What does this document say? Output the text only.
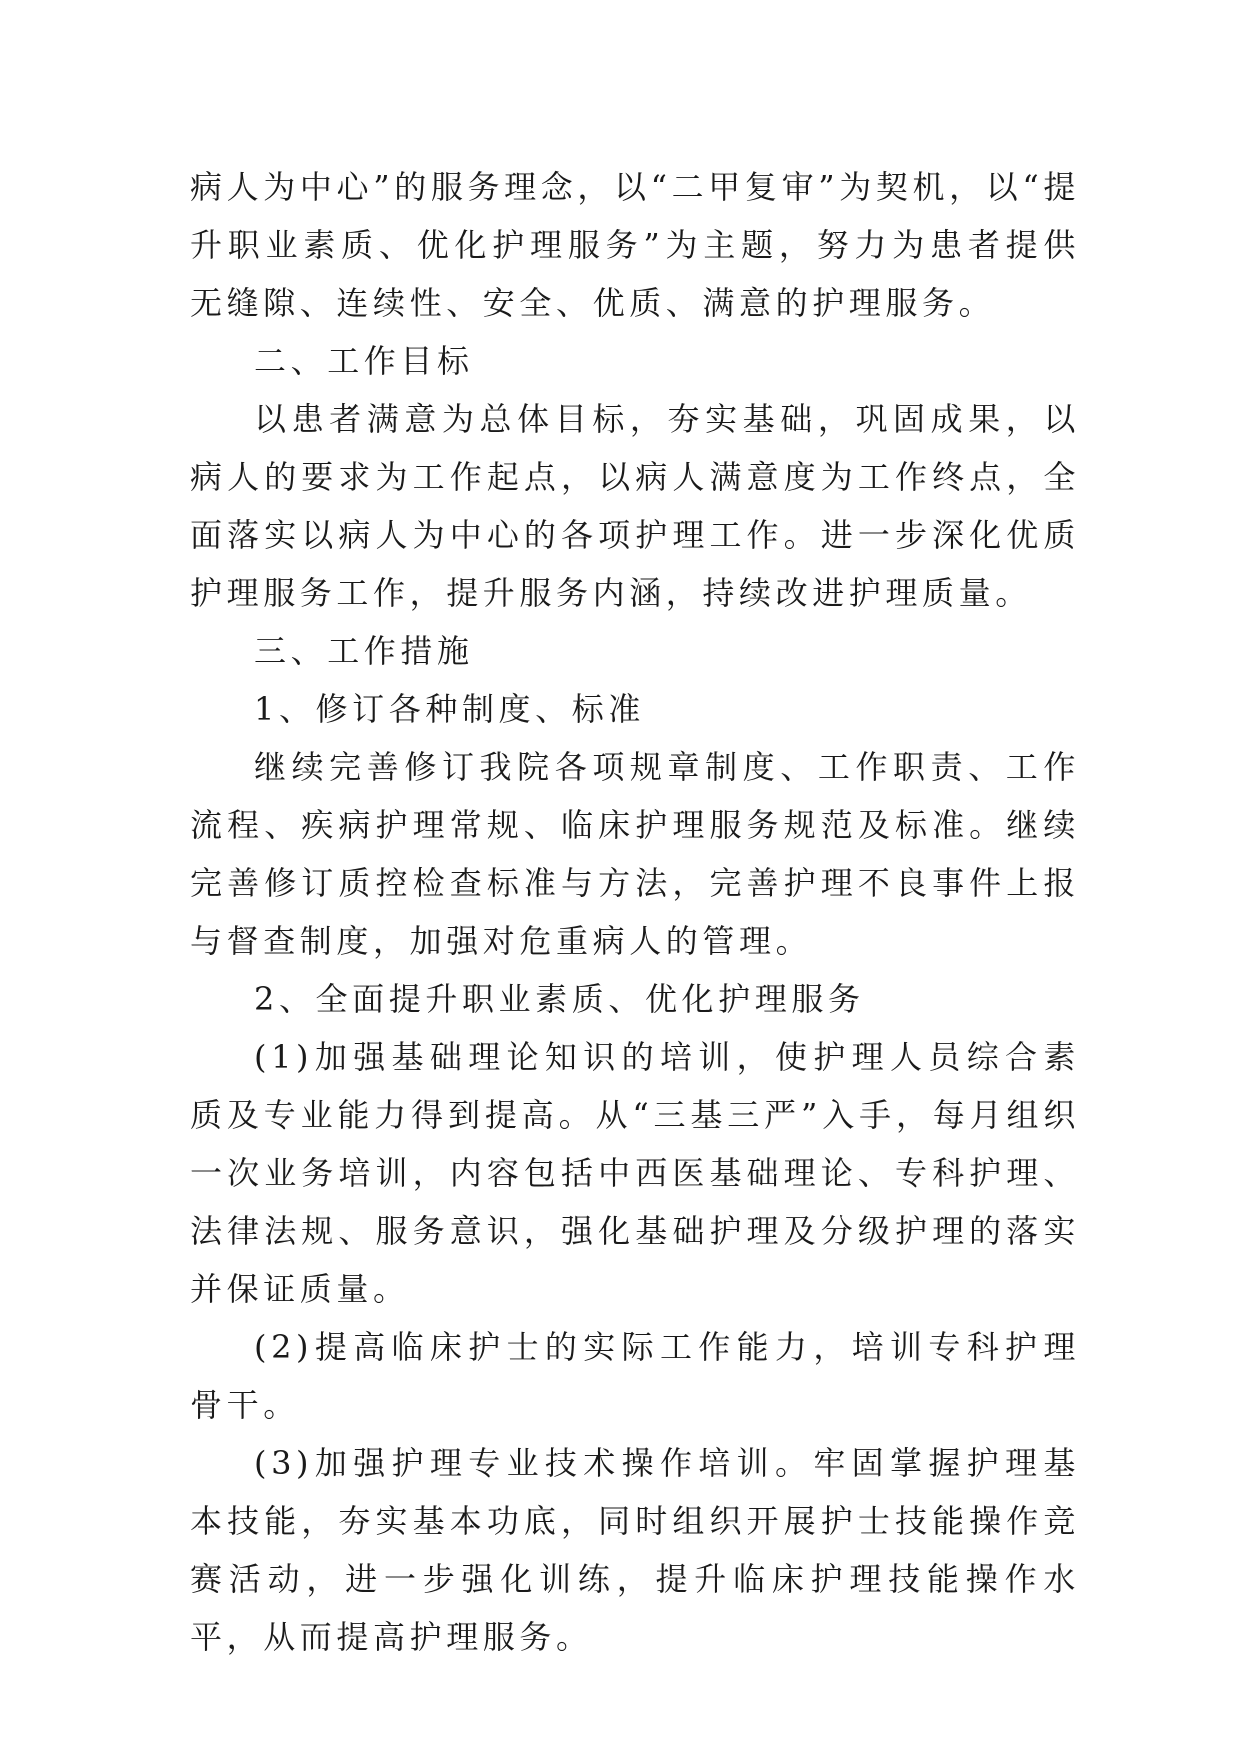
病人为中心”的服务理念，以“二甲复审”为契机，以“提升职业素质、优化护理服务”为主题，努力为患者提供无缝隙、连续性、安全、优质、满意的护理服务。

二、工作目标

以患者满意为总体目标，夯实基础，巩固成果，以病人的要求为工作起点，以病人满意度为工作终点，全面落实以病人为中心的各项护理工作。进一步深化优质护理服务工作，提升服务内涵，持续改进护理质量。

三、工作措施

1、修订各种制度、标准

继续完善修订我院各项规章制度、工作职责、工作流程、疾病护理常规、临床护理服务规范及标准。继续完善修订质控检查标准与方法，完善护理不良事件上报与督查制度，加强对危重病人的管理。

2、全面提升职业素质、优化护理服务

(1)加强基础理论知识的培训，使护理人员综合素质及专业能力得到提高。从“三基三严”入手，每月组织一次业务培训，内容包括中西医基础理论、专科护理、法律法规、服务意识，强化基础护理及分级护理的落实并保证质量。

(2)提高临床护士的实际工作能力，培训专科护理骨干。

(3)加强护理专业技术操作培训。牢固掌握护理基本技能，夯实基本功底，同时组织开展护士技能操作竞赛活动，进一步强化训练，提升临床护理技能操作水平，从而提高护理服务。
